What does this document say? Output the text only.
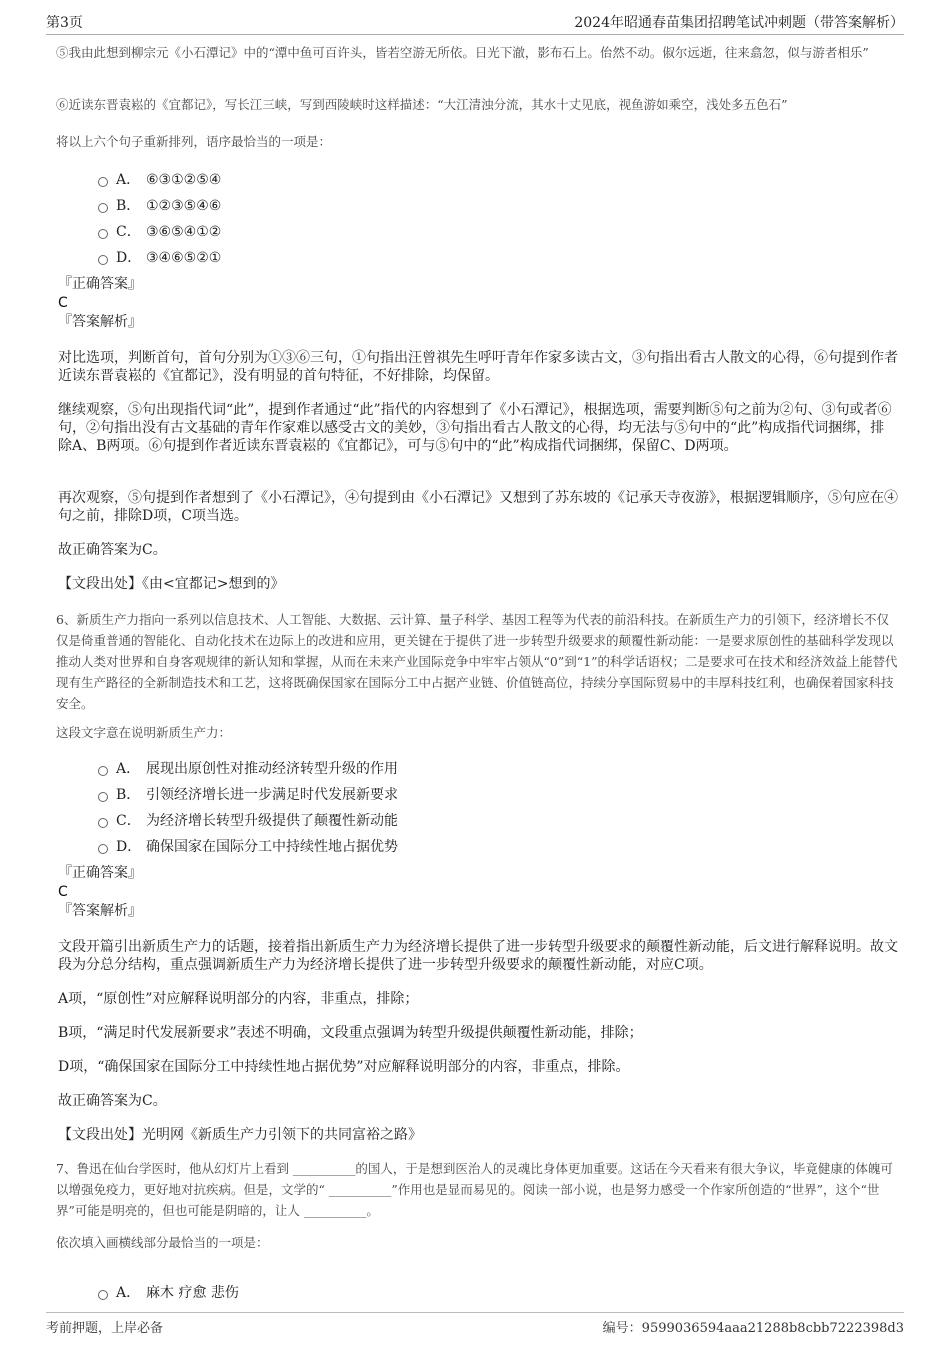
第3页	2024年昭通春苗集团招聘笔试冲刺题（带答案解析）

⑤我由此想到柳宗元《小石潭记》中的“潭中鱼可百许头，皆若空游无所依。日光下澈，影布石上。佁然不动。俶尔远逝，往来翕忽，似与游者相乐”

⑥近读东晋袁崧的《宜都记》，写长江三峡，写到西陵峡时这样描述：“大江清浊分流，其水十丈见底，视鱼游如乘空，浅处多五色石”

将以上六个句子重新排列，语序最恰当的一项是：

A． ⑥③①②⑤④
B． ①②③⑤④⑥
C． ③⑥⑤④①②
D． ③④⑥⑤②①

『正确答案』

C

『答案解析』

对比选项，判断首句，首句分别为①③⑥三句，①句指出汪曾祺先生呼吁青年作家多读古文，③句指出看古人散文的心得，⑥句提到作者近读东晋袁崧的《宜都记》，没有明显的首句特征，不好排除，均保留。

继续观察，⑤句出现指代词“此”，提到作者通过“此”指代的内容想到了《小石潭记》，根据选项，需要判断⑤句之前为②句、③句或者⑥句，②句指出没有古文基础的青年作家难以感受古文的美妙，③句指出看古人散文的心得，均无法与⑤句中的“此”构成指代词捆绑，排除A、B两项。⑥句提到作者近读东晋袁崧的《宜都记》，可与⑤句中的“此”构成指代词捆绑，保留C、D两项。

再次观察，⑤句提到作者想到了《小石潭记》，④句提到由《小石潭记》又想到了苏东坡的《记承天寺夜游》，根据逻辑顺序，⑤句应在④句之前，排除D项，C项当选。

故正确答案为C。

【文段出处】《由<宜都记>想到的》

6、新质生产力指向一系列以信息技术、人工智能、大数据、云计算、量子科学、基因工程等为代表的前沿科技。在新质生产力的引领下，经济增长不仅仅是倚重普通的智能化、自动化技术在边际上的改进和应用，更关键在于提供了进一步转型升级要求的颠覆性新动能：一是要求原创性的基础科学发现以推动人类对世界和自身客观规律的新认知和掌握，从而在未来产业国际竞争中牢牢占领从“0”到“1”的科学话语权；二是要求可在技术和经济效益上能替代现有生产路径的全新制造技术和工艺，这将既确保国家在国际分工中占据产业链、价值链高位，持续分享国际贸易中的丰厚科技红利，也确保着国家科技安全。

这段文字意在说明新质生产力：

A． 展现出原创性对推动经济转型升级的作用
B． 引领经济增长进一步满足时代发展新要求
C． 为经济增长转型升级提供了颠覆性新动能
D． 确保国家在国际分工中持续性地占据优势

『正确答案』

C

『答案解析』

文段开篇引出新质生产力的话题，接着指出新质生产力为经济增长提供了进一步转型升级要求的颠覆性新动能，后文进行解释说明。故文段为分总分结构，重点强调新质生产力为经济增长提供了进一步转型升级要求的颠覆性新动能，对应C项。

A项，“原创性”对应解释说明部分的内容，非重点，排除；

B项，“满足时代发展新要求”表述不明确，文段重点强调为转型升级提供颠覆性新动能，排除；

D项，“确保国家在国际分工中持续性地占据优势”对应解释说明部分的内容，非重点，排除。

故正确答案为C。

【文段出处】光明网《新质生产力引领下的共同富裕之路》

7、鲁迅在仙台学医时，他从幻灯片上看到 __________的国人，于是想到医治人的灵魂比身体更加重要。这话在今天看来有很大争议，毕竟健康的体魄可以增强免疫力，更好地对抗疾病。但是，文学的“ __________”作用也是显而易见的。阅读一部小说，也是努力感受一个作家所创造的“世界”，这个“世界”可能是明亮的，但也可能是阴暗的，让人 __________。

依次填入画横线部分最恰当的一项是：

A． 麻木 疗愈 悲伤
考前押题，上岸必备	编号：9599036594aaa21288b8cbb7222398d3
